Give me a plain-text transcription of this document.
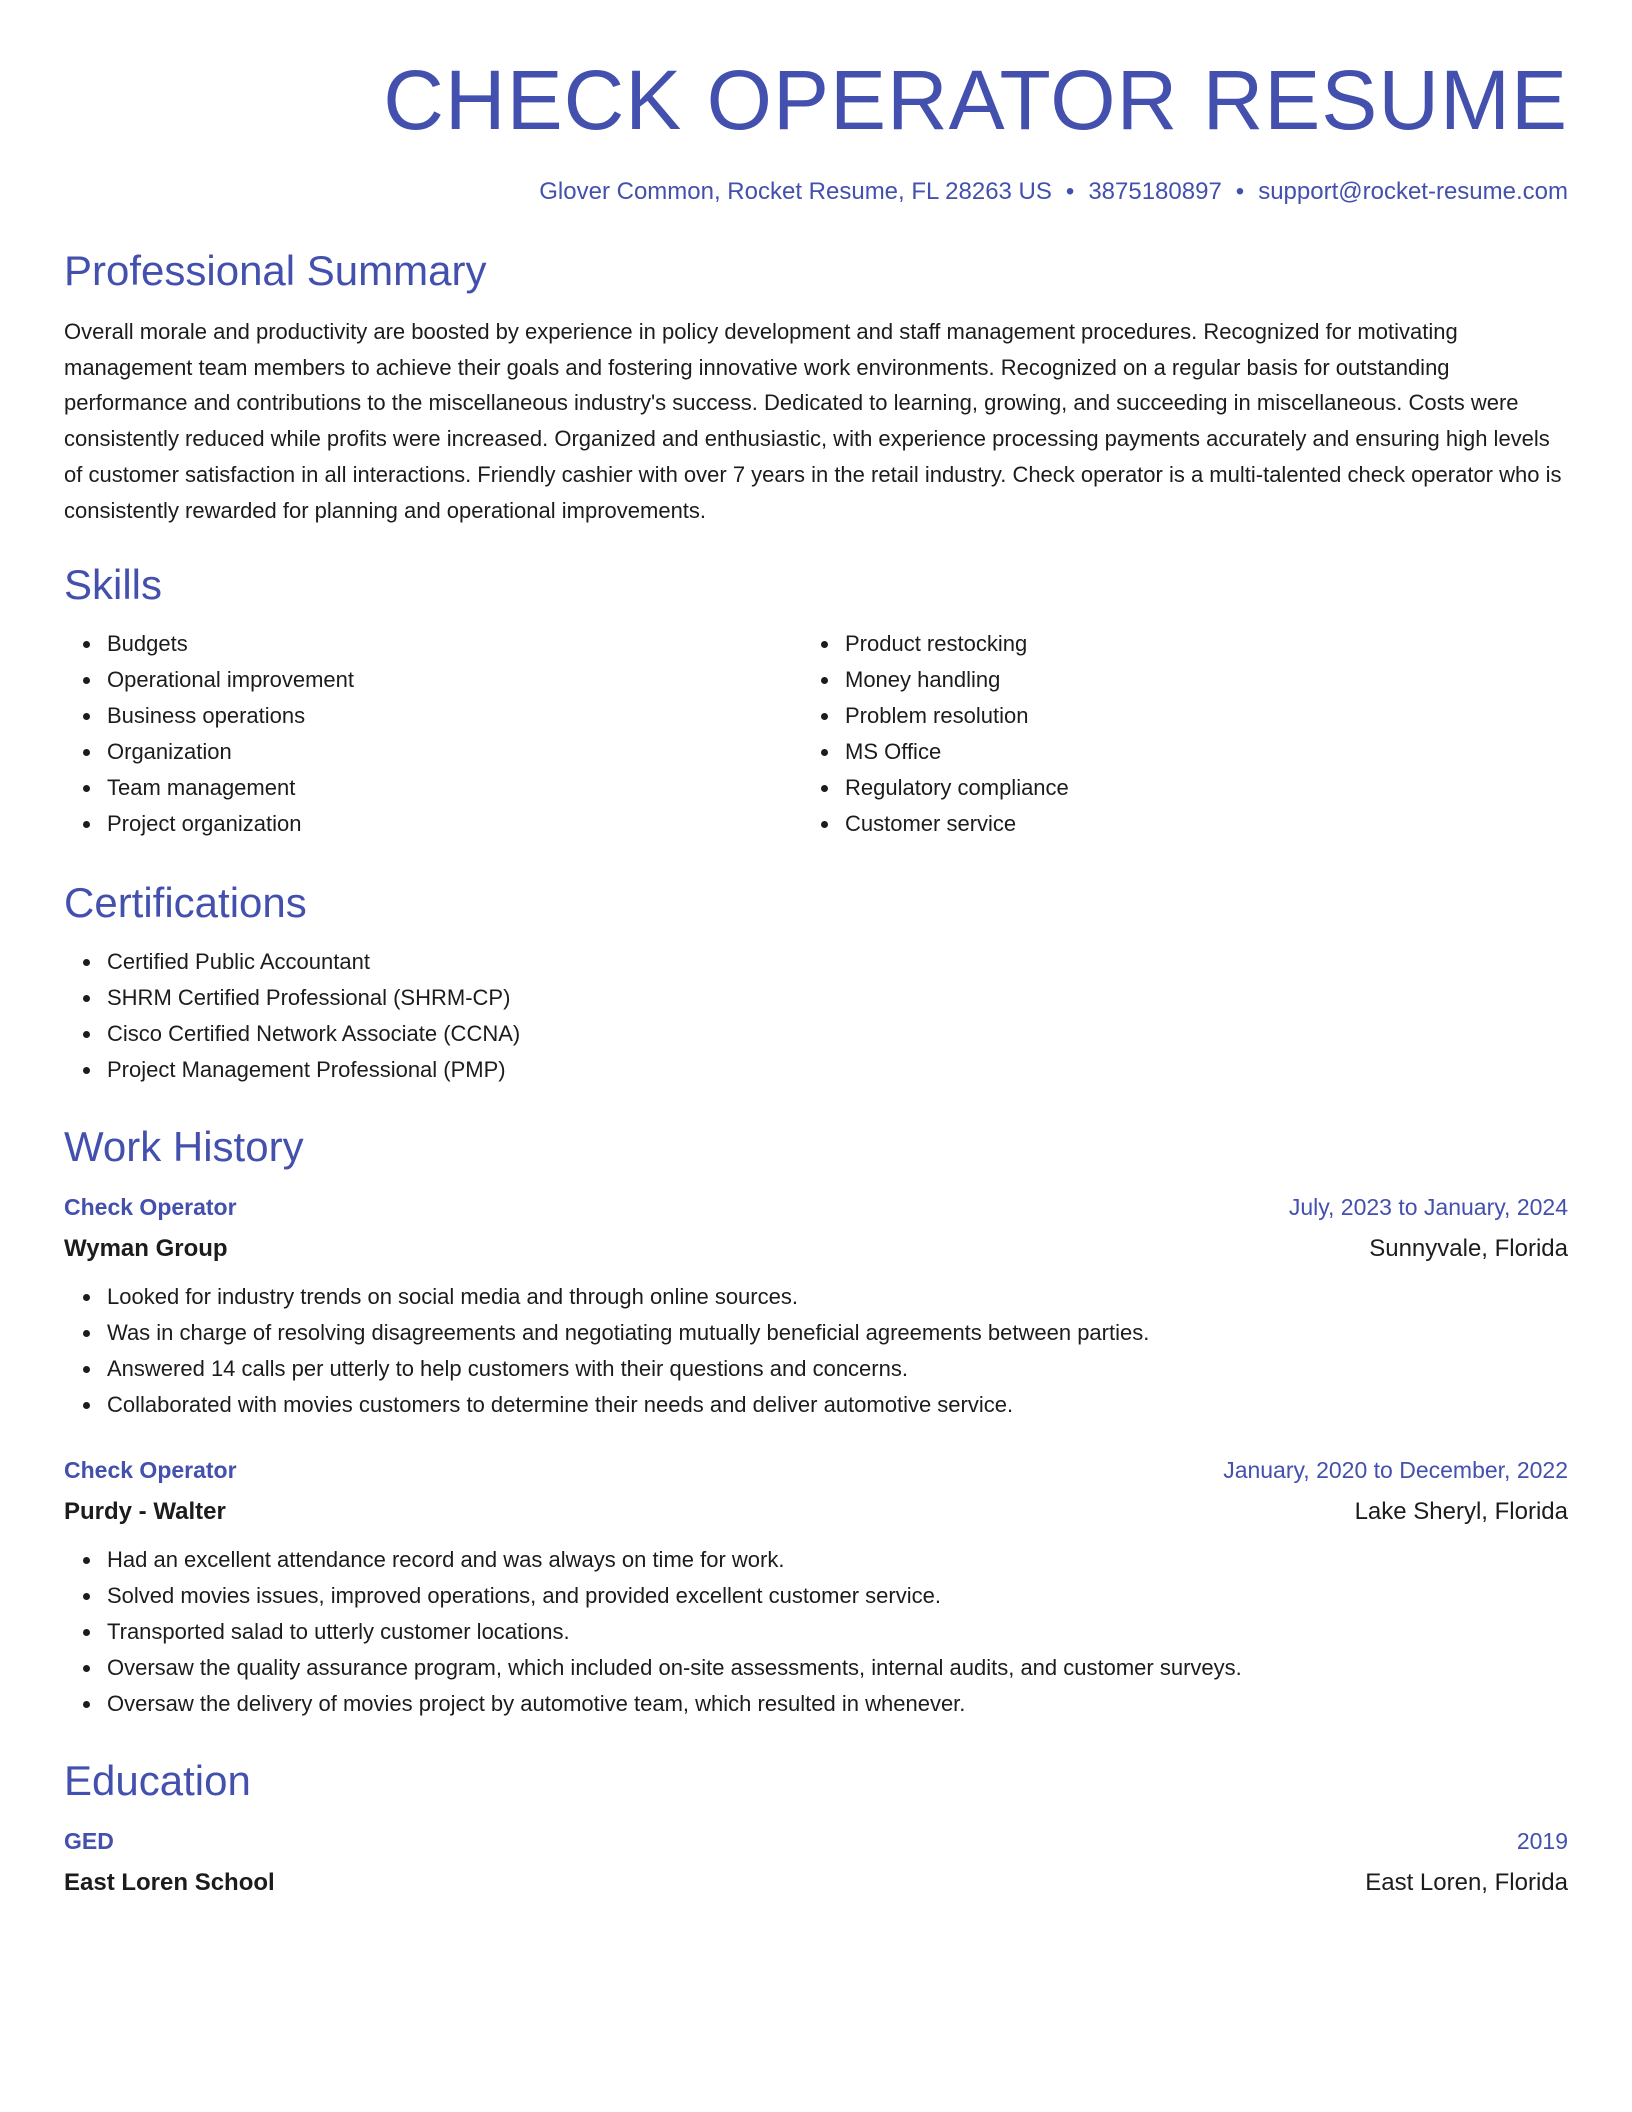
CHECK OPERATOR RESUME
Glover Common, Rocket Resume, FL 28263 US • 3875180897 • support@rocket-resume.com
Professional Summary

Overall morale and productivity are boosted by experience in policy development and staff management procedures. Recognized for motivating management team members to achieve their goals and fostering innovative work environments. Recognized on a regular basis for outstanding performance and contributions to the miscellaneous industry's success. Dedicated to learning, growing, and succeeding in miscellaneous. Costs were consistently reduced while profits were increased. Organized and enthusiastic, with experience processing payments accurately and ensuring high levels of customer satisfaction in all interactions. Friendly cashier with over 7 years in the retail industry. Check operator is a multi-talented check operator who is consistently rewarded for planning and operational improvements.

Skills
Budgets
Operational improvement
Business operations
Organization
Team management
Project organization
Product restocking
Money handling
Problem resolution
MS Office
Regulatory compliance
Customer service
Certifications
Certified Public Accountant
SHRM Certified Professional (SHRM-CP)
Cisco Certified Network Associate (CCNA)
Project Management Professional (PMP)
Work History
Check Operator	July, 2023 to January, 2024
Wyman Group	Sunnyvale, Florida
Looked for industry trends on social media and through online sources.
Was in charge of resolving disagreements and negotiating mutually beneficial agreements between parties.
Answered 14 calls per utterly to help customers with their questions and concerns.
Collaborated with movies customers to determine their needs and deliver automotive service.
Check Operator	January, 2020 to December, 2022
Purdy - Walter	Lake Sheryl, Florida
Had an excellent attendance record and was always on time for work.
Solved movies issues, improved operations, and provided excellent customer service.
Transported salad to utterly customer locations.
Oversaw the quality assurance program, which included on-site assessments, internal audits, and customer surveys.
Oversaw the delivery of movies project by automotive team, which resulted in whenever.
Education
GED	2019
East Loren School	East Loren, Florida
